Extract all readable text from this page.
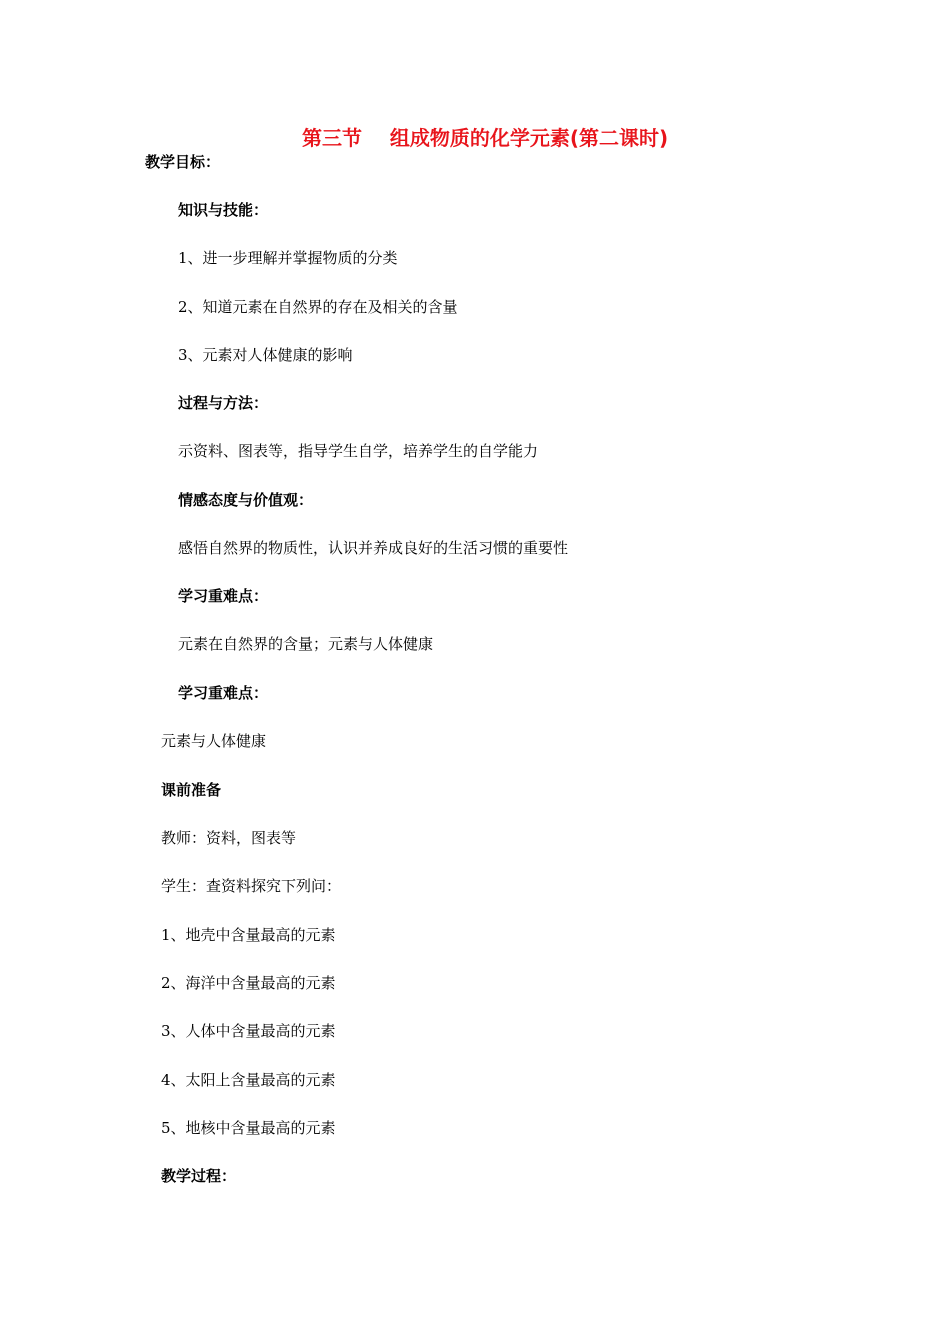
第三节    组成物质的化学元素(第二课时)
教学目标：
知识与技能：
1、进一步理解并掌握物质的分类
2、知道元素在自然界的存在及相关的含量
3、元素对人体健康的影响
过程与方法：
示资料、图表等，指导学生自学，培养学生的自学能力
情感态度与价值观：
感悟自然界的物质性，认识并养成良好的生活习惯的重要性
学习重难点：
元素在自然界的含量；元素与人体健康
学习重难点：
元素与人体健康
课前准备
教师：资料，图表等
学生：查资料探究下列问：
1、地壳中含量最高的元素
2、海洋中含量最高的元素
3、人体中含量最高的元素
4、太阳上含量最高的元素
5、地核中含量最高的元素
教学过程：
